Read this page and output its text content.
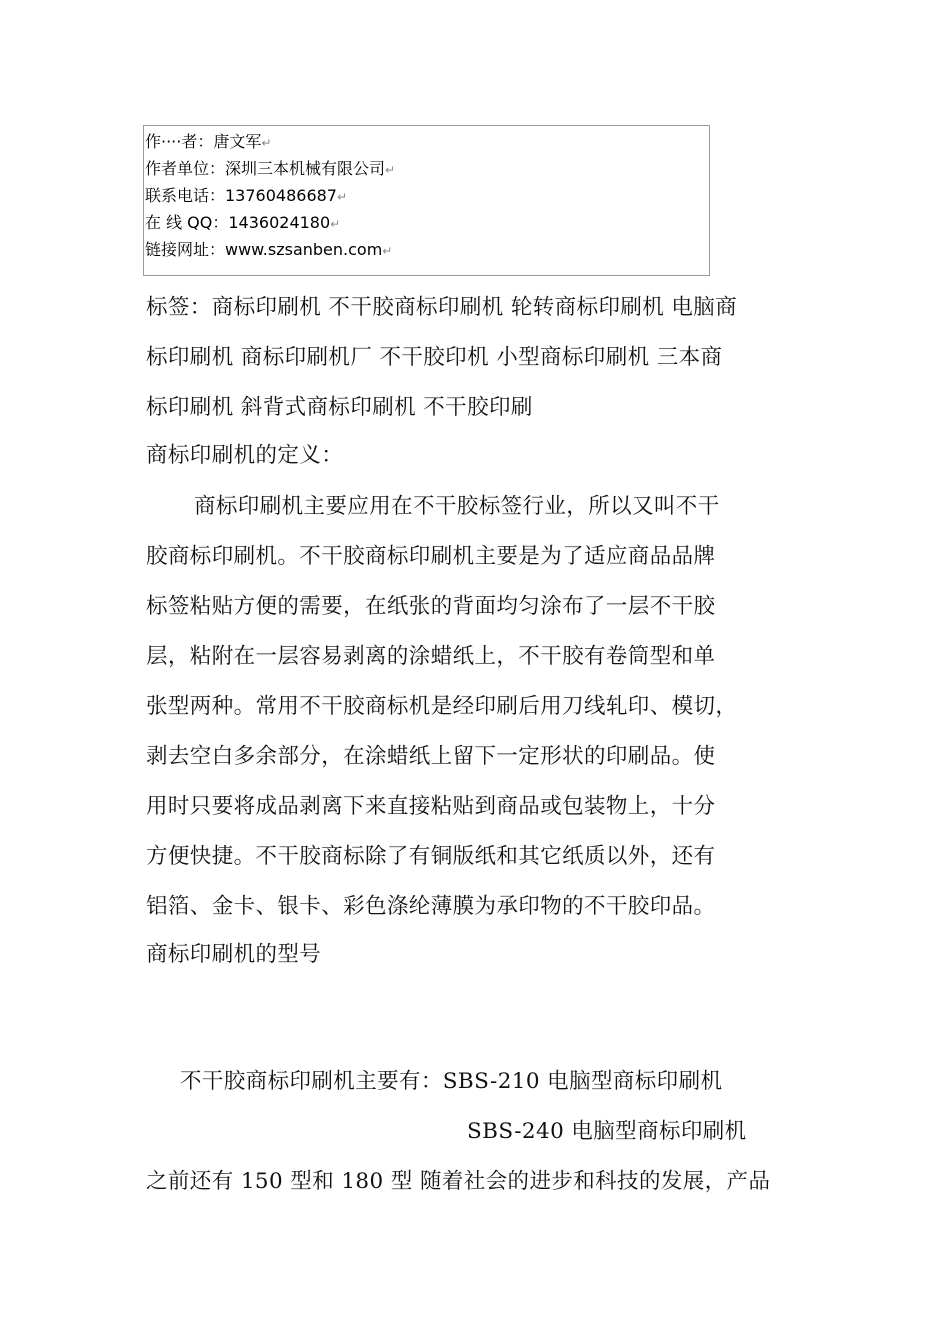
作····者：唐文军↵
作者单位：深圳三本机械有限公司↵
联系电话：13760486687↵
在 线 QQ：1436024180↵
链接网址：www.szsanben.com↵
标签：商标印刷机 不干胶商标印刷机 轮转商标印刷机 电脑商
标印刷机 商标印刷机厂 不干胶印机 小型商标印刷机 三本商
标印刷机 斜背式商标印刷机 不干胶印刷
商标印刷机的定义：
商标印刷机主要应用在不干胶标签行业，所以又叫不干
胶商标印刷机。不干胶商标印刷机主要是为了适应商品品牌
标签粘贴方便的需要，在纸张的背面均匀涂布了一层不干胶
层，粘附在一层容易剥离的涂蜡纸上，不干胶有卷筒型和单
张型两种。常用不干胶商标机是经印刷后用刀线轧印、模切，
剥去空白多余部分，在涂蜡纸上留下一定形状的印刷品。使
用时只要将成品剥离下来直接粘贴到商品或包装物上，十分
方便快捷。不干胶商标除了有铜版纸和其它纸质以外，还有
铝箔、金卡、银卡、彩色涤纶薄膜为承印物的不干胶印品。
商标印刷机的型号
不干胶商标印刷机主要有：SBS-210 电脑型商标印刷机
SBS-240 电脑型商标印刷机
之前还有 150 型和 180 型 随着社会的进步和科技的发展，产品
